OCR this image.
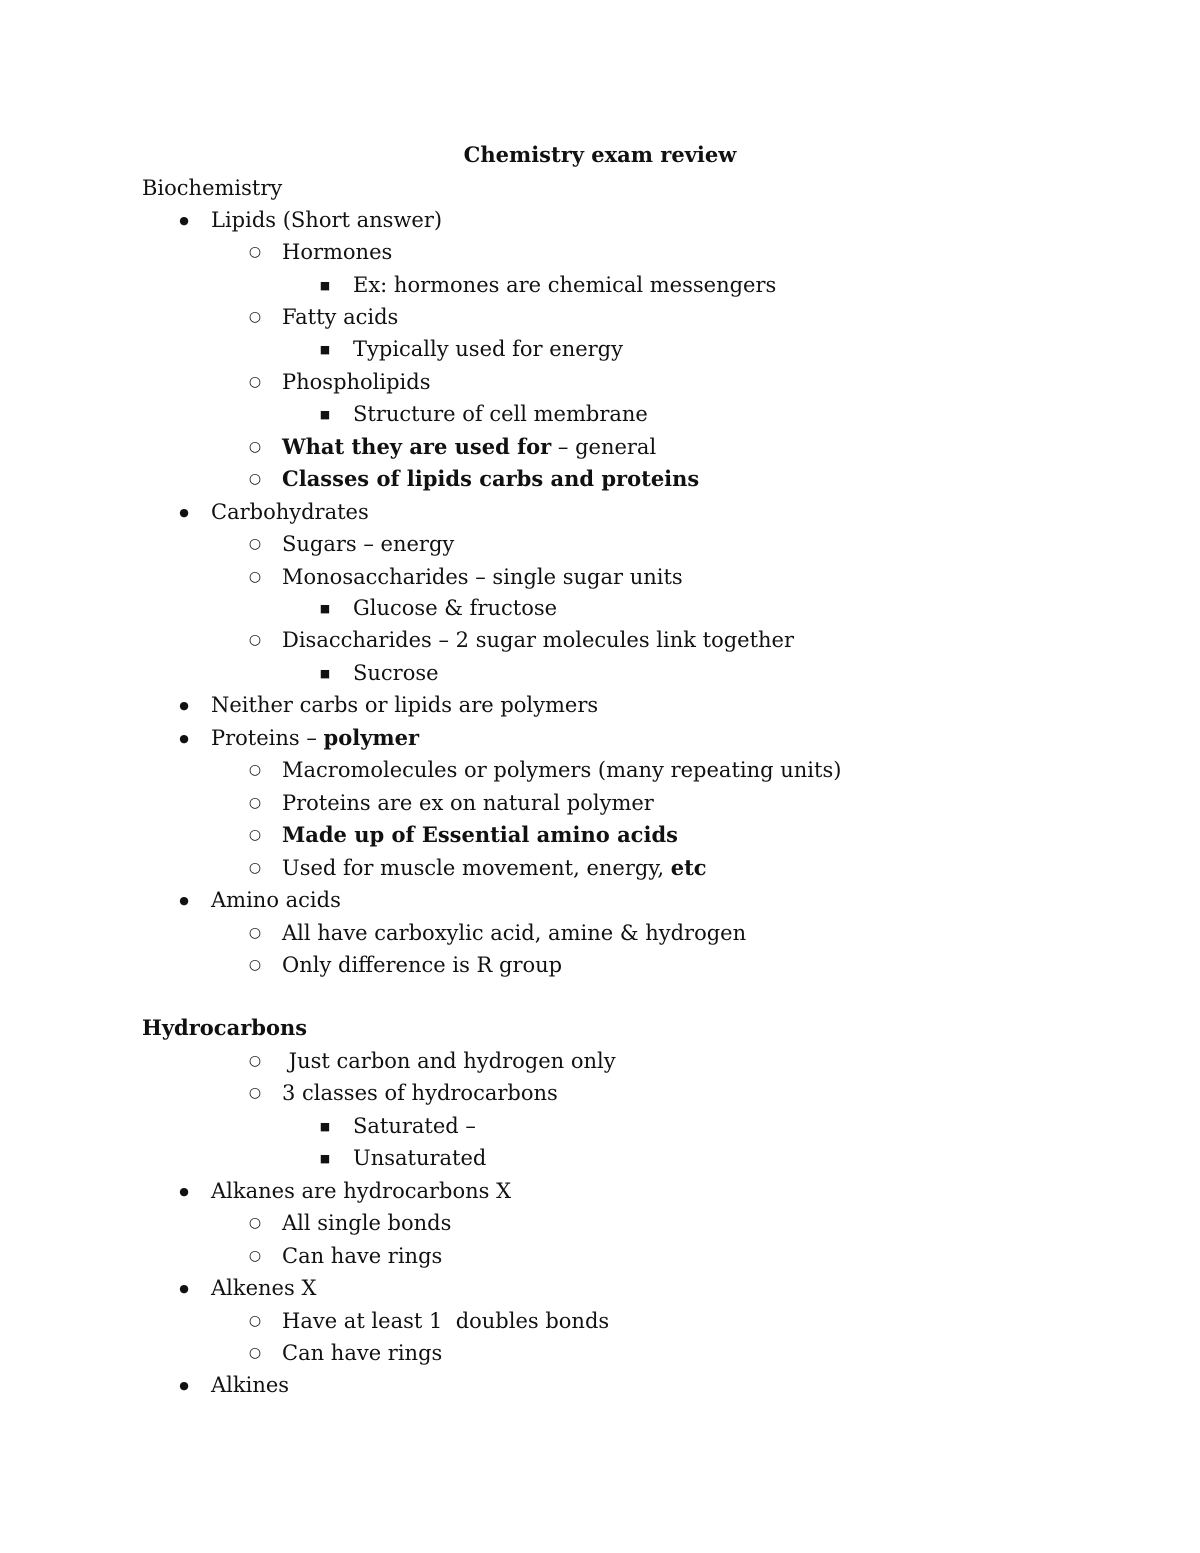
Chemistry exam review

Biochemistry

●
Lipids (Short answer)
○
Hormones
■
Ex: hormones are chemical messengers
○
Fatty acids
■
Typically used for energy
○
Phospholipids
■
Structure of cell membrane
○
What they are used for – general
○
Classes of lipids carbs and proteins
●
Carbohydrates
○
Sugars – energy
○
Monosaccharides – single sugar units
■
Glucose & fructose
○
Disaccharides – 2 sugar molecules link together
■
Sucrose
●
Neither carbs or lipids are polymers
●
Proteins – polymer
○
Macromolecules or polymers (many repeating units)
○
Proteins are ex on natural polymer
○
Made up of Essential amino acids
○
Used for muscle movement, energy, etc
●
Amino acids
○
All have carboxylic acid, amine & hydrogen
○
Only difference is R group

Hydrocarbons

○
Just carbon and hydrogen only
○
3 classes of hydrocarbons
■
Saturated –
■
Unsaturated
●
Alkanes are hydrocarbons X
○
All single bonds
○
Can have rings
●
Alkenes X
○
Have at least 1  doubles bonds
○
Can have rings
●
Alkines
